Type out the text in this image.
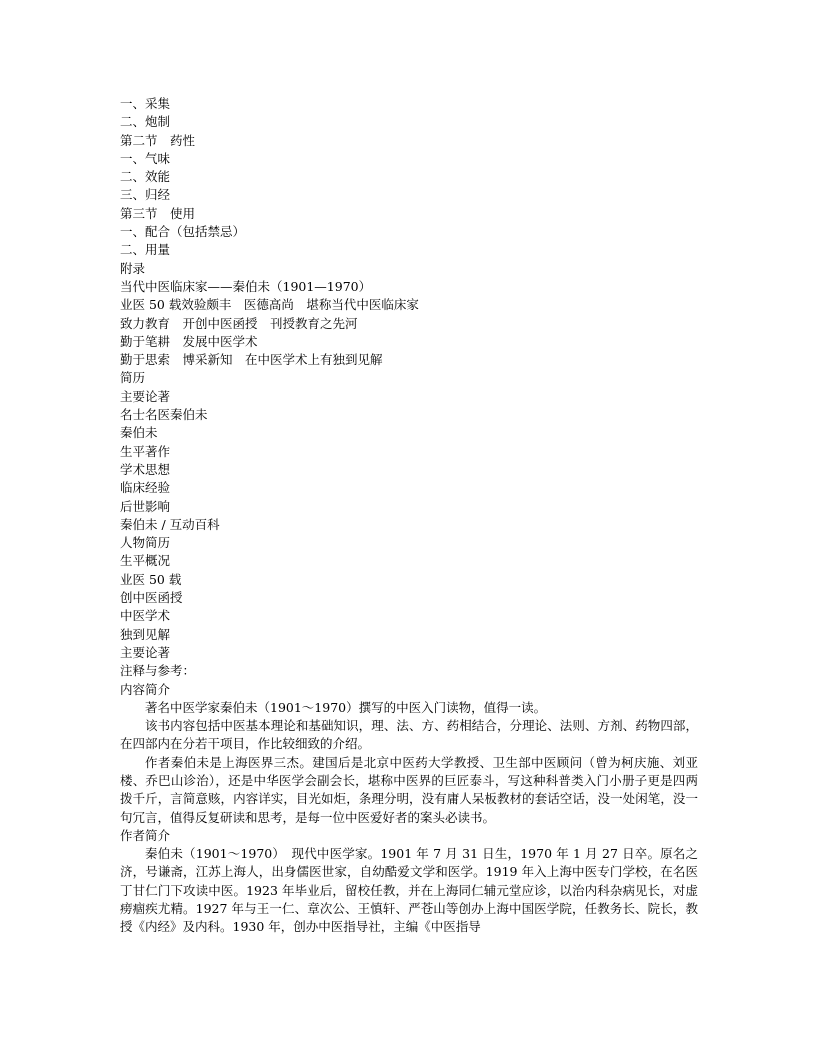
一、采集
二、炮制
第二节　药性
一、气味
二、效能
三、归经
第三节　使用
一、配合（包括禁忌）
二、用量
附录
当代中医临床家——秦伯未（1901—1970）
业医 50 载效验颇丰　医德高尚　堪称当代中医临床家
致力教育　开创中医函授　刊授教育之先河
勤于笔耕　发展中医学术
勤于思索　博采新知　在中医学术上有独到见解
简历
主要论著
名士名医秦伯未
秦伯未
生平著作
学术思想
临床经验
后世影响
秦伯未 / 互动百科
人物简历
生平概况
业医 50 载
创中医函授
中医学术
独到见解
主要论著
注释与参考：
内容简介

著名中医学家秦伯未（1901～1970）撰写的中医入门读物，值得一读。

该书内容包括中医基本理论和基础知识，理、法、方、药相结合，分理论、法则、方剂、药物四部，在四部内在分若干项目，作比较细致的介绍。

作者秦伯未是上海医界三杰。建国后是北京中医药大学教授、卫生部中医顾问（曾为柯庆施、刘亚楼、乔巴山诊治），还是中华医学会副会长，堪称中医界的巨匠泰斗，写这种科普类入门小册子更是四两拨千斤，言简意赅，内容详实，目光如炬，条理分明，没有庸人呆板教材的套话空话，没一处闲笔，没一句冗言，值得反复研读和思考，是每一位中医爱好者的案头必读书。

作者简介

秦伯未（1901～1970）　现代中医学家。1901 年 7 月 31 日生，1970 年 1 月 27 日卒。原名之济，号谦斋，江苏上海人，出身儒医世家，自幼酷爱文学和医学。1919 年入上海中医专门学校，在名医丁甘仁门下攻读中医。1923 年毕业后，留校任教，并在上海同仁辅元堂应诊，以治内科杂病见长，对虚痨痼疾尤精。1927 年与王一仁、章次公、王慎轩、严苍山等创办上海中国医学院，任教务长、院长，教授《内经》及内科。1930 年，创办中医指导社，主编《中医指导
